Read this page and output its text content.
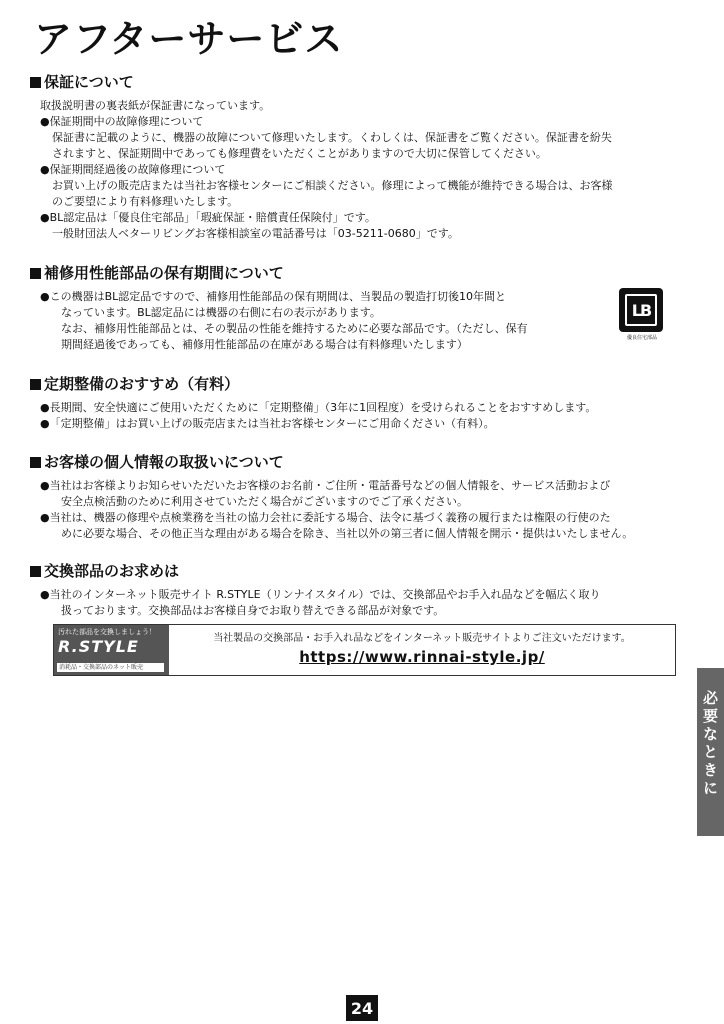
アフターサービス
保証について
取扱説明書の裏表紙が保証書になっています。
● 保証期間中の故障修理について
保証書に記載のように、機器の故障について修理いたします。くわしくは、保証書をご覧ください。保証書を紛失
されますと、保証期間中であっても修理費をいただくことがありますので大切に保管してください。
● 保証期間経過後の故障修理について
お買い上げの販売店または当社お客様センターにご相談ください。修理によって機能が維持できる場合は、お客様
のご要望により有料修理いたします。
● BL認定品は「優良住宅部品」「瑕疵保証・賠償責任保険付」です。
一般財団法人ベターリビングお客様相談室の電話番号は「03-5211-0680」です。
補修用性能部品の保有期間について
● この機器はBL認定品ですので、補修用性能部品の保有期間は、当製品の製造打切後10年間と
なっています。BL認定品には機器の右側に右の表示があります。
なお、補修用性能部品とは、その製品の性能を維持するために必要な部品です。（ただし、保有
期間経過後であっても、補修用性能部品の在庫がある場合は有料修理いたします）
LB
優良住宅部品
定期整備のおすすめ（有料）
● 長期間、安全快適にご使用いただくために「定期整備」（3年に1回程度）を受けられることをおすすめします。
● 「定期整備」はお買い上げの販売店または当社お客様センターにご用命ください（有料）。
お客様の個人情報の取扱いについて
● 当社はお客様よりお知らせいただいたお客様のお名前・ご住所・電話番号などの個人情報を、サービス活動および
安全点検活動のために利用させていただく場合がございますのでご了承ください。
● 当社は、機器の修理や点検業務を当社の協力会社に委託する場合、法令に基づく義務の履行または権限の行使のた
めに必要な場合、その他正当な理由がある場合を除き、当社以外の第三者に個人情報を開示・提供はいたしません。
交換部品のお求めは
● 当社のインターネット販売サイト R.STYLE（リンナイスタイル）では、交換部品やお手入れ品などを幅広く取り
扱っております。交換部品はお客様自身でお取り替えできる部品が対象です。
汚れた部品を交換しましょう！
R.STYLE
消耗品・交換部品のネット販売
当社製品の交換部品・お手入れ品などをインターネット販売サイトよりご注文いただけます。
https://www.rinnai-style.jp/
必要なときに
24
